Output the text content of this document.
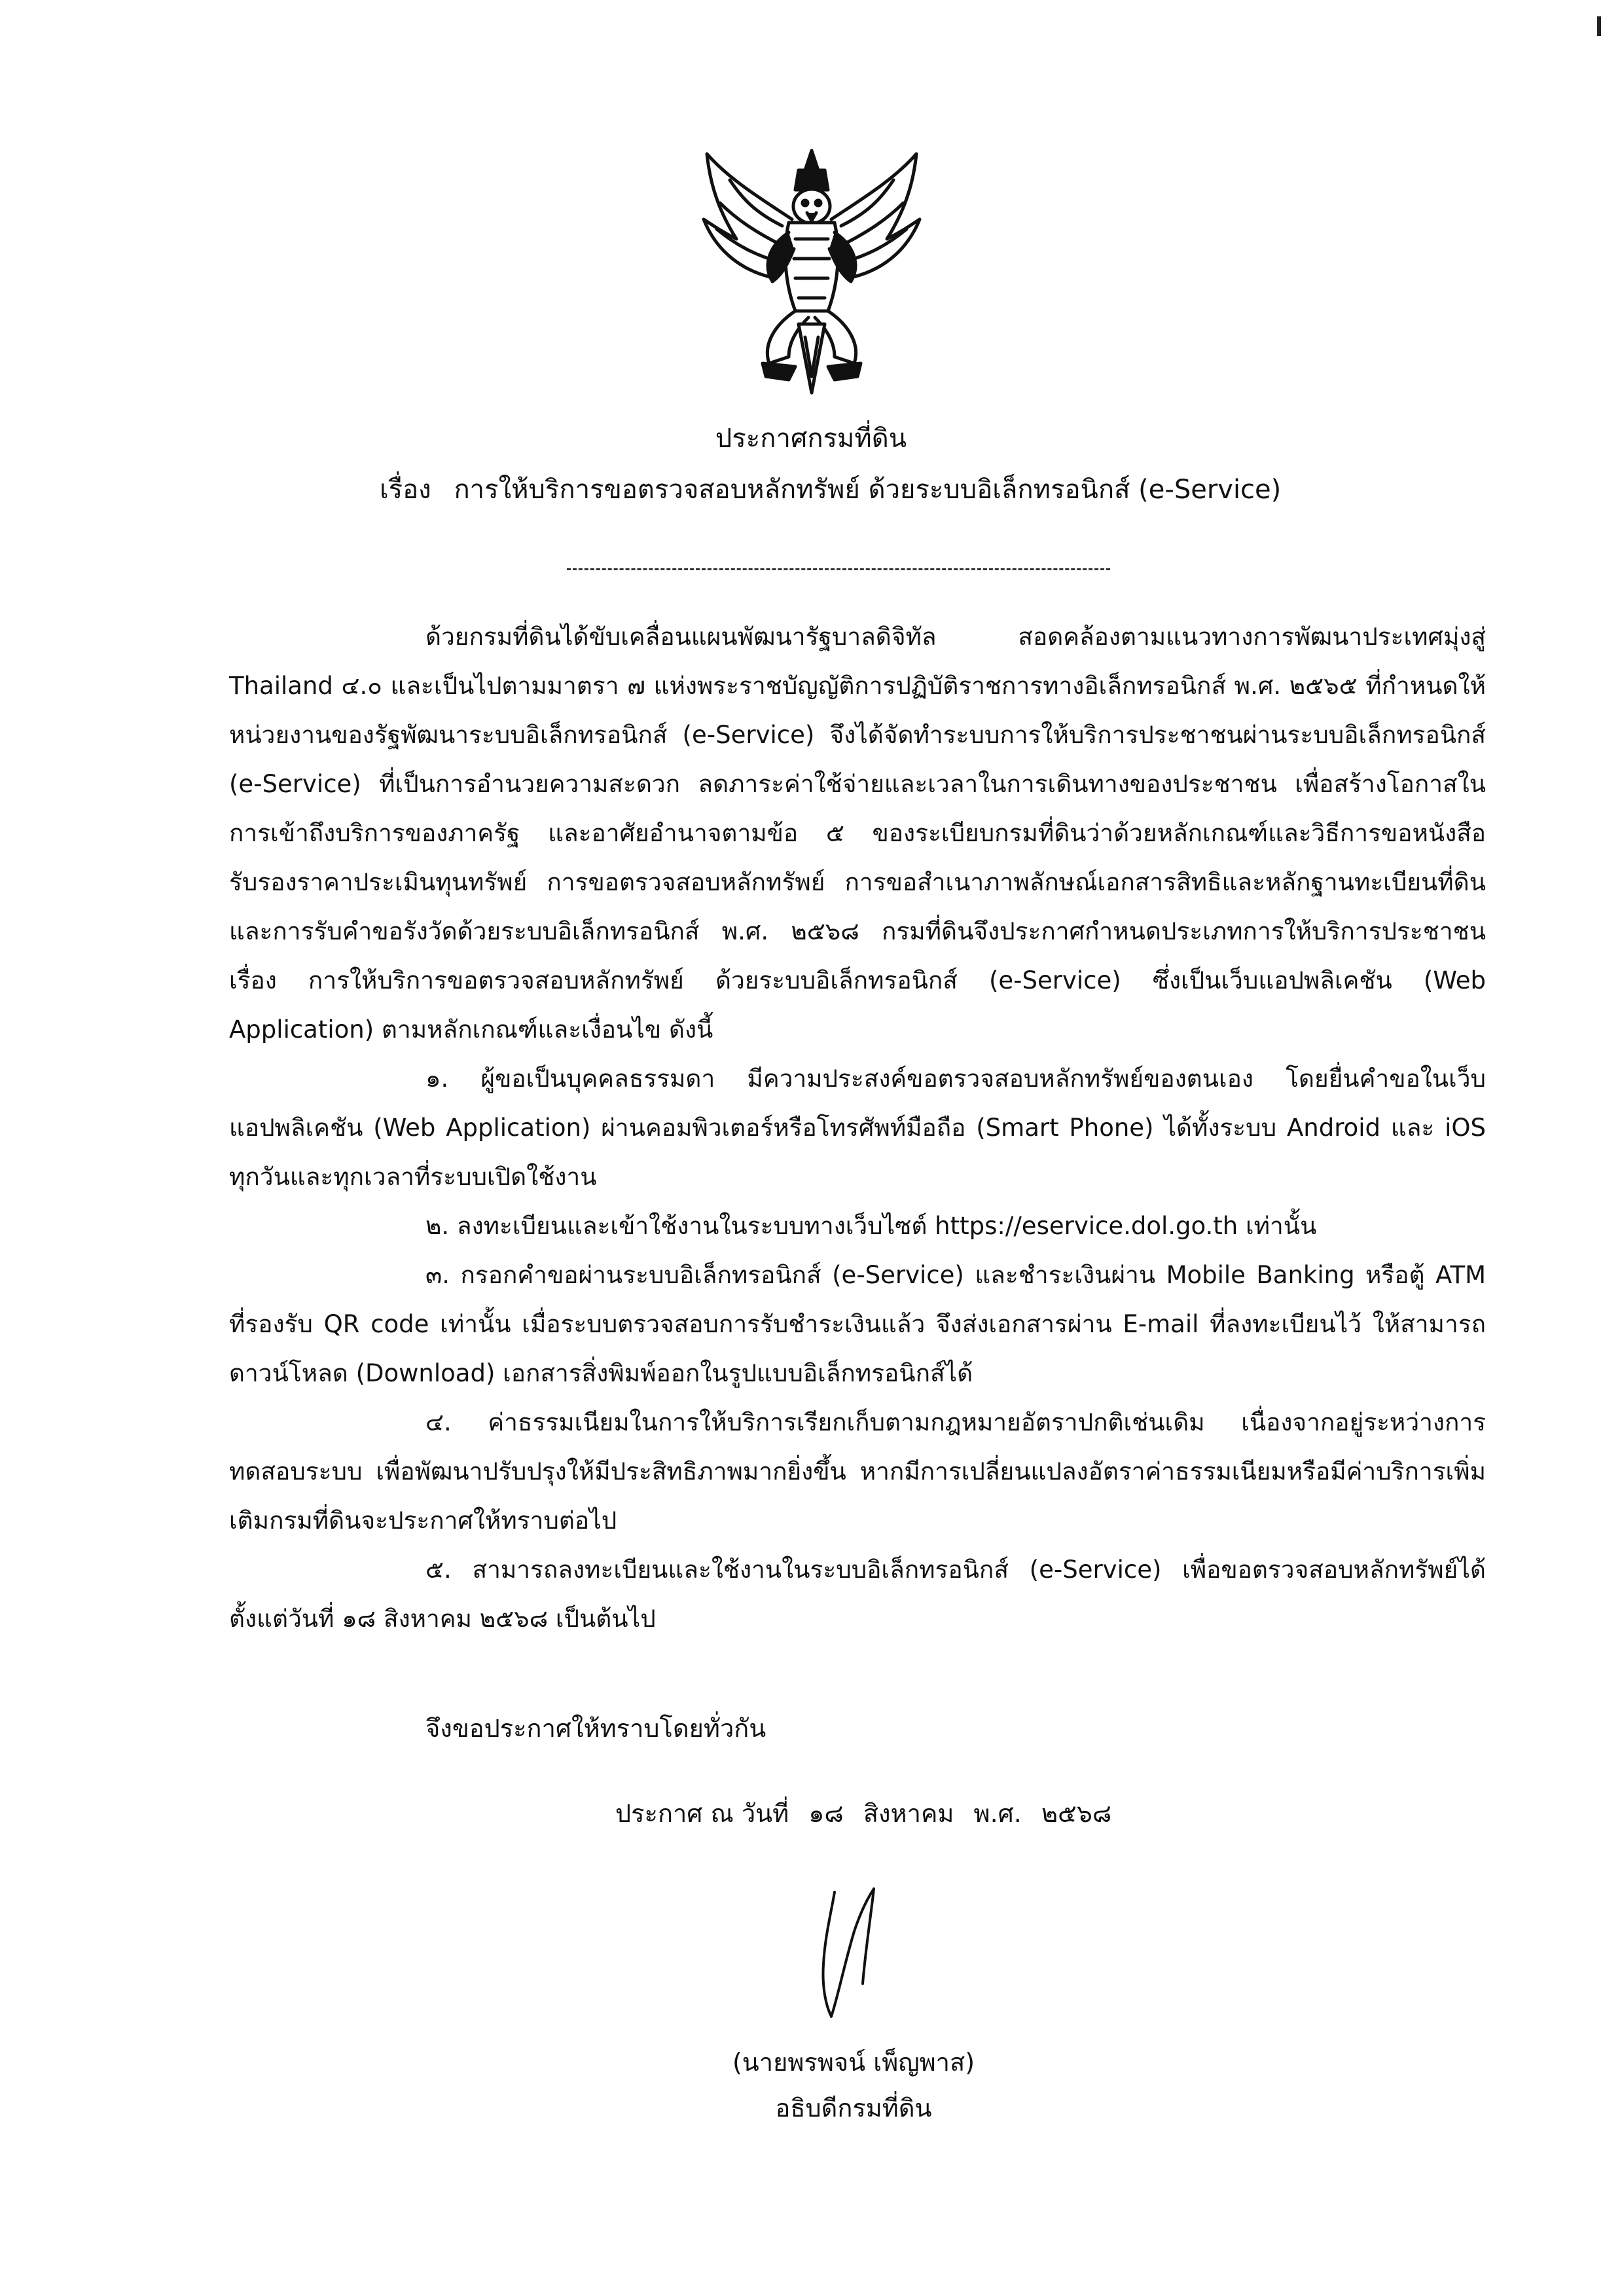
ประกาศกรมที่ดิน
เรื่อง การให้บริการขอตรวจสอบหลักทรัพย์ ด้วยระบบอิเล็กทรอนิกส์ (e-Service)

ด้วยกรมที่ดินได้ขับเคลื่อนแผนพัฒนารัฐบาลดิจิทัล สอดคล้องตามแนวทางการพัฒนาประเทศมุ่งสู่ Thailand ๔.๐ และเป็นไปตามมาตรา ๗ แห่งพระราชบัญญัติการปฏิบัติราชการทางอิเล็กทรอนิกส์ พ.ศ. ๒๕๖๕ ที่กำหนดให้หน่วยงานของรัฐพัฒนาระบบอิเล็กทรอนิกส์ (e-Service) จึงได้จัดทำระบบการให้บริการประชาชนผ่านระบบอิเล็กทรอนิกส์ (e-Service) ที่เป็นการอำนวยความสะดวก ลดภาระค่าใช้จ่ายและเวลาในการเดินทางของประชาชน เพื่อสร้างโอกาสในการเข้าถึงบริการของภาครัฐ และอาศัยอำนาจตามข้อ ๕ ของระเบียบกรมที่ดินว่าด้วยหลักเกณฑ์และวิธีการขอหนังสือรับรองราคาประเมินทุนทรัพย์ การขอตรวจสอบหลักทรัพย์ การขอสำเนาภาพลักษณ์เอกสารสิทธิและหลักฐานทะเบียนที่ดิน และการรับคำขอรังวัดด้วยระบบอิเล็กทรอนิกส์ พ.ศ. ๒๕๖๘ กรมที่ดินจึงประกาศกำหนดประเภทการให้บริการประชาชน เรื่อง การให้บริการขอตรวจสอบหลักทรัพย์ ด้วยระบบอิเล็กทรอนิกส์ (e-Service) ซึ่งเป็นเว็บแอปพลิเคชัน (Web Application) ตามหลักเกณฑ์และเงื่อนไข ดังนี้

๑. ผู้ขอเป็นบุคคลธรรมดา มีความประสงค์ขอตรวจสอบหลักทรัพย์ของตนเอง โดยยื่นคำขอในเว็บแอปพลิเคชัน (Web Application) ผ่านคอมพิวเตอร์หรือโทรศัพท์มือถือ (Smart Phone) ได้ทั้งระบบ Android และ iOS ทุกวันและทุกเวลาที่ระบบเปิดใช้งาน

๒. ลงทะเบียนและเข้าใช้งานในระบบทางเว็บไซต์ https://eservice.dol.go.th เท่านั้น

๓. กรอกคำขอผ่านระบบอิเล็กทรอนิกส์ (e-Service) และชำระเงินผ่าน Mobile Banking หรือตู้ ATM ที่รองรับ QR code เท่านั้น เมื่อระบบตรวจสอบการรับชำระเงินแล้ว จึงส่งเอกสารผ่าน E-mail ที่ลงทะเบียนไว้ ให้สามารถดาวน์โหลด (Download) เอกสารสิ่งพิมพ์ออกในรูปแบบอิเล็กทรอนิกส์ได้

๔. ค่าธรรมเนียมในการให้บริการเรียกเก็บตามกฎหมายอัตราปกติเช่นเดิม เนื่องจากอยู่ระหว่างการทดสอบระบบ เพื่อพัฒนาปรับปรุงให้มีประสิทธิภาพมากยิ่งขึ้น หากมีการเปลี่ยนแปลงอัตราค่าธรรมเนียมหรือมีค่าบริการเพิ่มเติมกรมที่ดินจะประกาศให้ทราบต่อไป

๕. สามารถลงทะเบียนและใช้งานในระบบอิเล็กทรอนิกส์ (e-Service) เพื่อขอตรวจสอบหลักทรัพย์ได้ ตั้งแต่วันที่ ๑๘ สิงหาคม ๒๕๖๘ เป็นต้นไป

จึงขอประกาศให้ทราบโดยทั่วกัน
ประกาศ ณ วันที่ ๑๘ สิงหาคม พ.ศ. ๒๕๖๘
(นายพรพจน์ เพ็ญพาส)
อธิบดีกรมที่ดิน
